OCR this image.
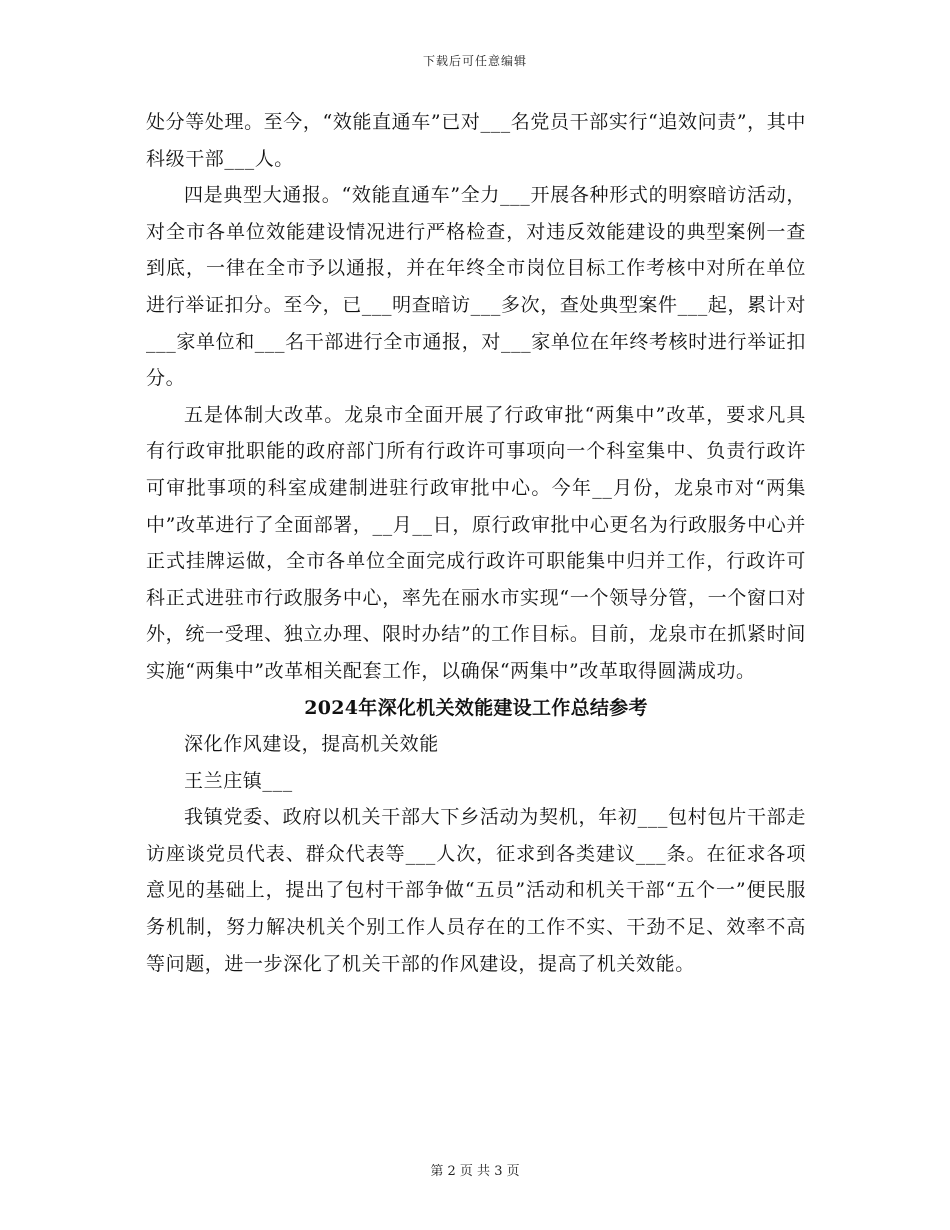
下载后可任意编辑

处分等处理。至今，“效能直通车”已对___名党员干部实行“追效问责”，其中科级干部___人。

四是典型大通报。“效能直通车”全力___开展各种形式的明察暗访活动，对全市各单位效能建设情况进行严格检查，对违反效能建设的典型案例一查到底，一律在全市予以通报，并在年终全市岗位目标工作考核中对所在单位进行举证扣分。至今，已___明查暗访___多次，查处典型案件___起，累计对___家单位和___名干部进行全市通报，对___家单位在年终考核时进行举证扣分。

五是体制大改革。龙泉市全面开展了行政审批“两集中”改革，要求凡具有行政审批职能的政府部门所有行政许可事项向一个科室集中、负责行政许可审批事项的科室成建制进驻行政审批中心。今年__月份，龙泉市对“两集中”改革进行了全面部署，__月__日，原行政审批中心更名为行政服务中心并正式挂牌运做，全市各单位全面完成行政许可职能集中归并工作，行政许可科正式进驻市行政服务中心，率先在丽水市实现“一个领导分管，一个窗口对外，统一受理、独立办理、限时办结”的工作目标。目前，龙泉市在抓紧时间实施“两集中”改革相关配套工作，以确保“两集中”改革取得圆满成功。

2024年深化机关效能建设工作总结参考

深化作风建设，提高机关效能

王兰庄镇___

我镇党委、政府以机关干部大下乡活动为契机，年初___包村包片干部走访座谈党员代表、群众代表等___人次，征求到各类建议___条。在征求各项意见的基础上，提出了包村干部争做“五员”活动和机关干部“五个一”便民服务机制，努力解决机关个别工作人员存在的工作不实、干劲不足、效率不高等问题，进一步深化了机关干部的作风建设，提高了机关效能。

第 2 页 共 3 页
